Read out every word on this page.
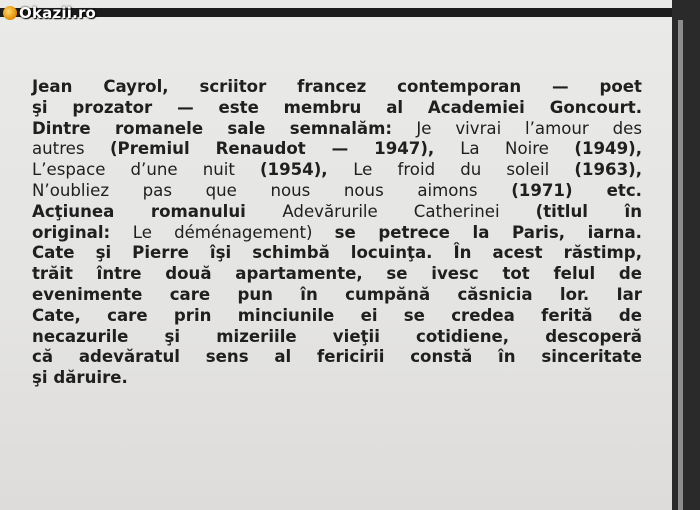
Okazii.ro
Jean Cayrol, scriitor francez contemporan — poet
şi prozator — este membru al Academiei Goncourt.
Dintre romanele sale semnalăm: Je vivrai l’amour des
autres (Premiul Renaudot — 1947), La Noire (1949),
L’espace d’une nuit (1954), Le froid du soleil (1963),
N’oubliez pas que nous nous aimons (1971) etc.
Acţiunea romanului Adevărurile Catherinei (titlul în
original: Le déménagement) se petrece la Paris, iarna.
Cate şi Pierre îşi schimbă locuinţa. În acest răstimp,
trăit între două apartamente, se ivesc tot felul de
evenimente care pun în cumpănă căsnicia lor. Iar
Cate, care prin minciunile ei se credea ferită de
necazurile şi mizeriile vieţii cotidiene, descoperă
că adevăratul sens al fericirii constă în sinceritate
şi dăruire.
